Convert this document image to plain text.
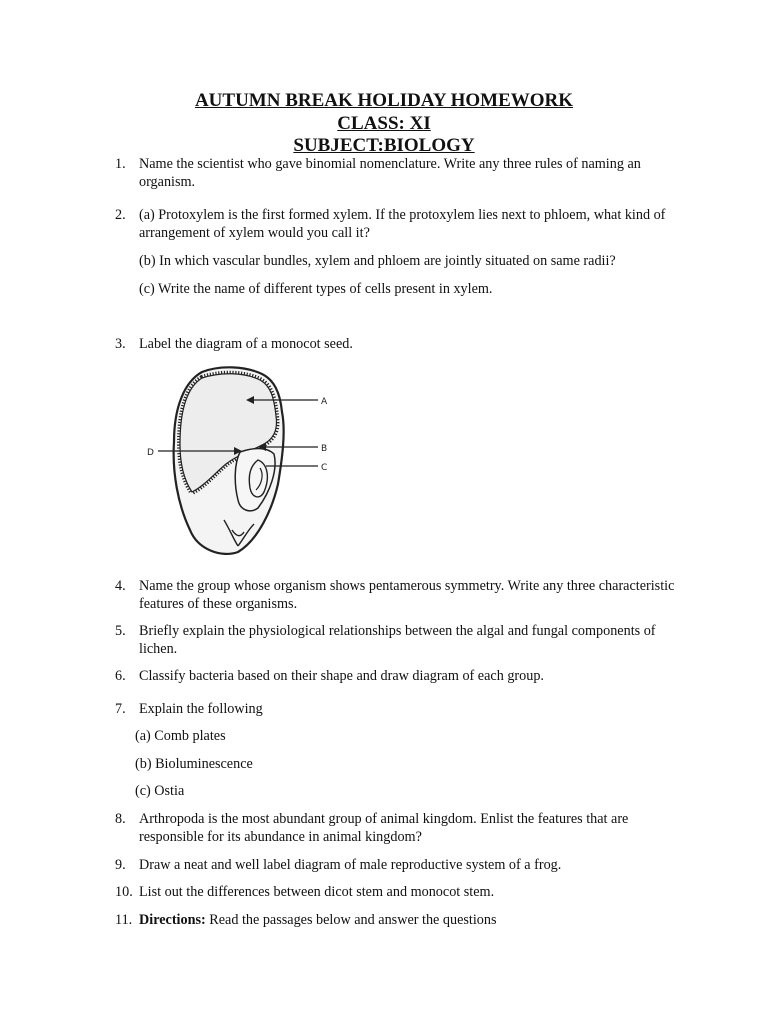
AUTUMN BREAK HOLIDAY HOMEWORK
CLASS: XI
SUBJECT:BIOLOGY
1. Name the scientist who gave binomial nomenclature. Write any three rules of naming an organism.
2. (a) Protoxylem is the first formed xylem. If the protoxylem lies next to phloem, what kind of arrangement of xylem would you call it?
(b) In which vascular bundles, xylem and phloem are jointly situated on same radii?
(c) Write the name of different types of cells present in xylem.
3. Label the diagram of a monocot seed.
A
B
C
D
4. Name the group whose organism shows pentamerous symmetry. Write any three characteristic features of these organisms.
5. Briefly explain the physiological relationships between the algal and fungal components of lichen.
6. Classify bacteria based on their shape and draw diagram of each group.
7. Explain the following
(a) Comb plates
(b) Bioluminescence
(c) Ostia
8. Arthropoda is the most abundant group of animal kingdom. Enlist the features that are responsible for its abundance in animal kingdom?
9. Draw a neat and well label diagram of male reproductive system of a frog.
10. List out the differences between dicot stem and monocot stem.
11. Directions: Read the passages below and answer the questions
